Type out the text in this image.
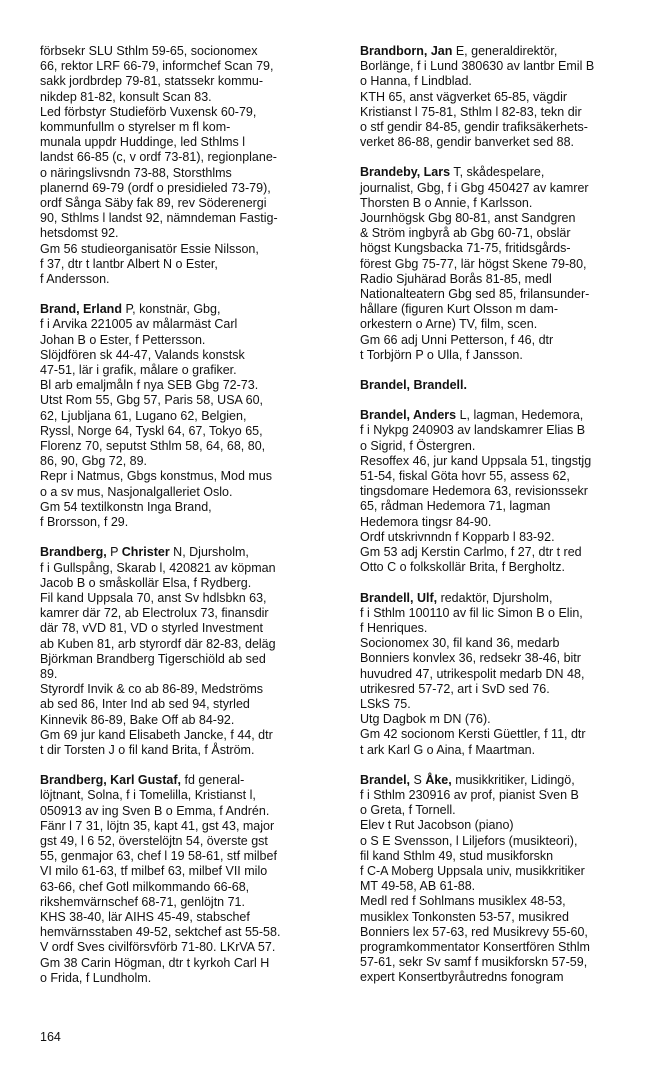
förbsekr SLU Sthlm 59-65, socionomex
66, rektor LRF 66-79, informchef Scan 79,
sakk jordbrdep 79-81, statssekr kommu-
nikdep 81-82, konsult Scan 83.
Led förbstyr Studieförb Vuxensk 60-79,
kommunfullm o styrelser m fl kom-
munala uppdr Huddinge, led Sthlms l
landst 66-85 (c, v ordf 73-81), regionplane-
o näringslivsndn 73-88, Storsthlms
planernd 69-79 (ordf o presidieled 73-79),
ordf Sånga Säby fak 89, rev Söderenergi
90, Sthlms l landst 92, nämndeman Fastig-
hetsdomst 92.
Gm 56 studieorganisatör Essie Nilsson,
f 37, dtr t lantbr Albert N o Ester,
f Andersson.
Brand, Erland P, konstnär, Gbg,
f i Arvika 221005 av målarmäst Carl
Johan B o Ester, f Pettersson.
Slöjdfören sk 44-47, Valands konstsk
47-51, lär i grafik, målare o grafiker.
Bl arb emaljmåln f nya SEB Gbg 72-73.
Utst Rom 55, Gbg 57, Paris 58, USA 60,
62, Ljubljana 61, Lugano 62, Belgien,
Ryssl, Norge 64, Tyskl 64, 67, Tokyo 65,
Florenz 70, seputst Sthlm 58, 64, 68, 80,
86, 90, Gbg 72, 89.
Repr i Natmus, Gbgs konstmus, Mod mus
o a sv mus, Nasjonalgalleriet Oslo.
Gm 54 textilkonstn Inga Brand,
f Brorsson, f 29.
Brandberg, P Christer N, Djursholm,
f i Gullspång, Skarab l, 420821 av köpman
Jacob B o småskollär Elsa, f Rydberg.
Fil kand Uppsala 70, anst Sv hdlsbkn 63,
kamrer där 72, ab Electrolux 73, finansdir
där 78, vVD 81, VD o styrled Investment
ab Kuben 81, arb styrordf där 82-83, deläg
Björkman Brandberg Tigerschiöld ab sed
89.
Styrordf Invik & co ab 86-89, Medströms
ab sed 86, Inter Ind ab sed 94, styrled
Kinnevik 86-89, Bake Off ab 84-92.
Gm 69 jur kand Elisabeth Jancke, f 44, dtr
t dir Torsten J o fil kand Brita, f Åström.
Brandberg, Karl Gustaf, fd general-
löjtnant, Solna, f i Tomelilla, Kristianst l,
050913 av ing Sven B o Emma, f Andrén.
Fänr l 7 31, löjtn 35, kapt 41, gst 43, major
gst 49, l 6 52, överstelöjtn 54, överste gst
55, genmajor 63, chef l 19 58-61, stf milbef
VI milo 61-63, tf milbef 63, milbef VII milo
63-66, chef Gotl milkommando 66-68,
rikshemvärnschef 68-71, genlöjtn 71.
KHS 38-40, lär AIHS 45-49, stabschef
hemvärnsstaben 49-52, sektchef ast 55-58.
V ordf Sves civilförsvförb 71-80. LKrVA 57.
Gm 38 Carin Högman, dtr t kyrkoh Carl H
o Frida, f Lundholm.
Brandborn, Jan E, generaldirektör,
Borlänge, f i Lund 380630 av lantbr Emil B
o Hanna, f Lindblad.
KTH 65, anst vägverket 65-85, vägdir
Kristianst l 75-81, Sthlm l 82-83, tekn dir
o stf gendir 84-85, gendir trafiksäkerhets-
verket 86-88, gendir banverket sed 88.
Brandeby, Lars T, skådespelare,
journalist, Gbg, f i Gbg 450427 av kamrer
Thorsten B o Annie, f Karlsson.
Journhögsk Gbg 80-81, anst Sandgren
& Ström ingbyrå ab Gbg 60-71, obslär
högst Kungsbacka 71-75, fritidsgårds-
förest Gbg 75-77, lär högst Skene 79-80,
Radio Sjuhärad Borås 81-85, medl
Nationalteatern Gbg sed 85, frilansunder-
hållare (figuren Kurt Olsson m dam-
orkestern o Arne) TV, film, scen.
Gm 66 adj Unni Petterson, f 46, dtr
t Torbjörn P o Ulla, f Jansson.
Brandel, Brandell.
Brandel, Anders L, lagman, Hedemora,
f i Nykpg 240903 av landskamrer Elias B
o Sigrid, f Östergren.
Resoffex 46, jur kand Uppsala 51, tingstjg
51-54, fiskal Göta hovr 55, assess 62,
tingsdomare Hedemora 63, revisionssekr
65, rådman Hedemora 71, lagman
Hedemora tingsr 84-90.
Ordf utskrivnndn f Kopparb l 83-92.
Gm 53 adj Kerstin Carlmo, f 27, dtr t red
Otto C o folkskollär Brita, f Bergholtz.
Brandell, Ulf, redaktör, Djursholm,
f i Sthlm 100110 av fil lic Simon B o Elin,
f Henriques.
Socionomex 30, fil kand 36, medarb
Bonniers konvlex 36, redsekr 38-46, bitr
huvudred 47, utrikespolit medarb DN 48,
utrikesred 57-72, art i SvD sed 76.
LSkS 75.
Utg Dagbok m DN (76).
Gm 42 socionom Kersti Güettler, f 11, dtr
t ark Karl G o Aina, f Maartman.
Brandel, S Åke, musikkritiker, Lidingö,
f i Sthlm 230916 av prof, pianist Sven B
o Greta, f Tornell.
Elev t Rut Jacobson (piano)
o S E Svensson, l Liljefors (musikteori),
fil kand Sthlm 49, stud musikforskn
f C-A Moberg Uppsala univ, musikkritiker
MT 49-58, AB 61-88.
Medl red f Sohlmans musiklex 48-53,
musiklex Tonkonsten 53-57, musikred
Bonniers lex 57-63, red Musikrevy 55-60,
programkommentator Konsertfören Sthlm
57-61, sekr Sv samf f musikforskn 57-59,
expert Konsertbyråutredns fonogram
164
